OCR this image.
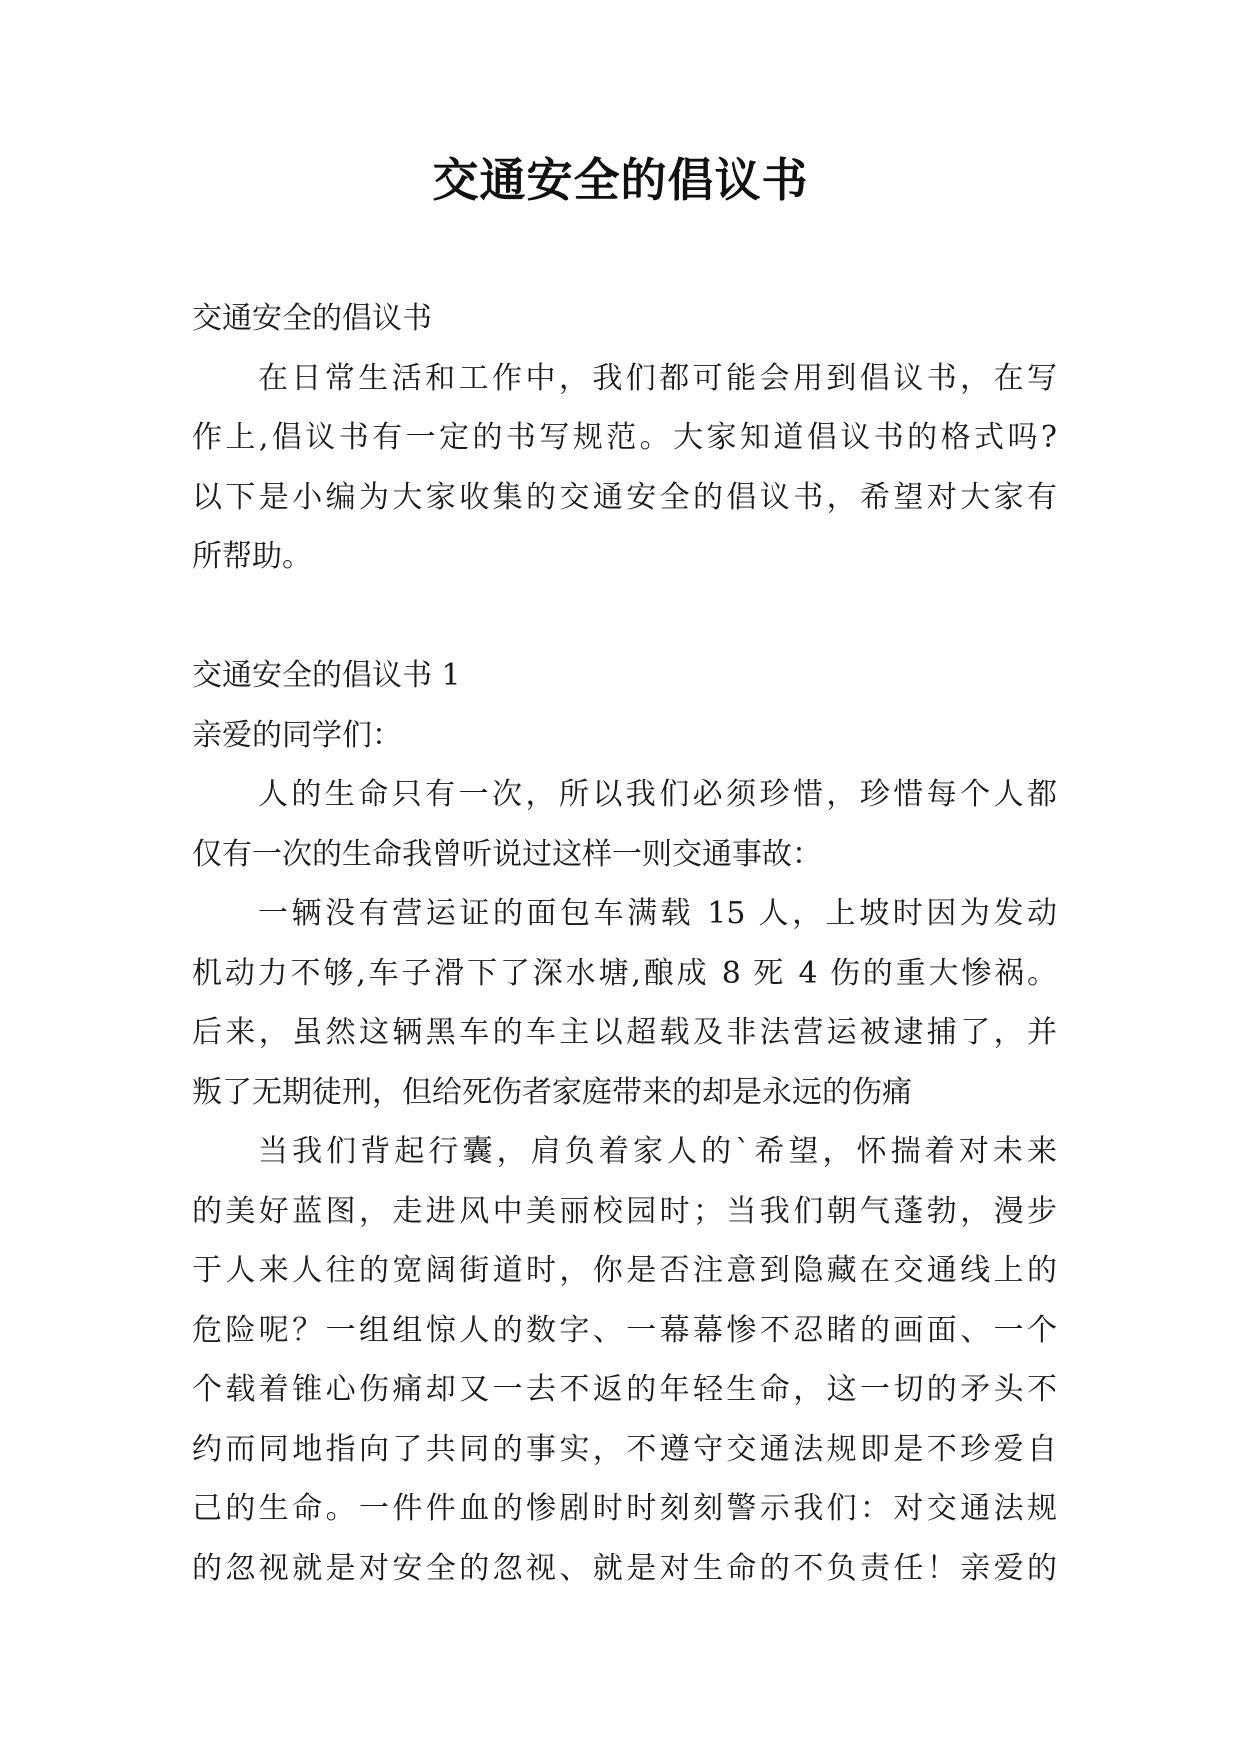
交通安全的倡议书
交通安全的倡议书
在日常生活和工作中，我们都可能会用到倡议书，在写
作上,倡议书有一定的书写规范。大家知道倡议书的格式吗?
以下是小编为大家收集的交通安全的倡议书，希望对大家有
所帮助。
交通安全的倡议书 1
亲爱的同学们：
人的生命只有一次，所以我们必须珍惜，珍惜每个人都
仅有一次的生命我曾听说过这样一则交通事故：
一辆没有营运证的面包车满载 15 人，上坡时因为发动
机动力不够,车子滑下了深水塘,酿成 8 死 4 伤的重大惨祸。
后来，虽然这辆黑车的车主以超载及非法营运被逮捕了，并
叛了无期徒刑，但给死伤者家庭带来的却是永远的伤痛
当我们背起行囊，肩负着家人的`希望，怀揣着对未来
的美好蓝图，走进风中美丽校园时；当我们朝气蓬勃，漫步
于人来人往的宽阔街道时，你是否注意到隐藏在交通线上的
危险呢？一组组惊人的数字、一幕幕惨不忍睹的画面、一个
个载着锥心伤痛却又一去不返的年轻生命，这一切的矛头不
约而同地指向了共同的事实，不遵守交通法规即是不珍爱自
己的生命。一件件血的惨剧时时刻刻警示我们：对交通法规
的忽视就是对安全的忽视、就是对生命的不负责任！亲爱的
